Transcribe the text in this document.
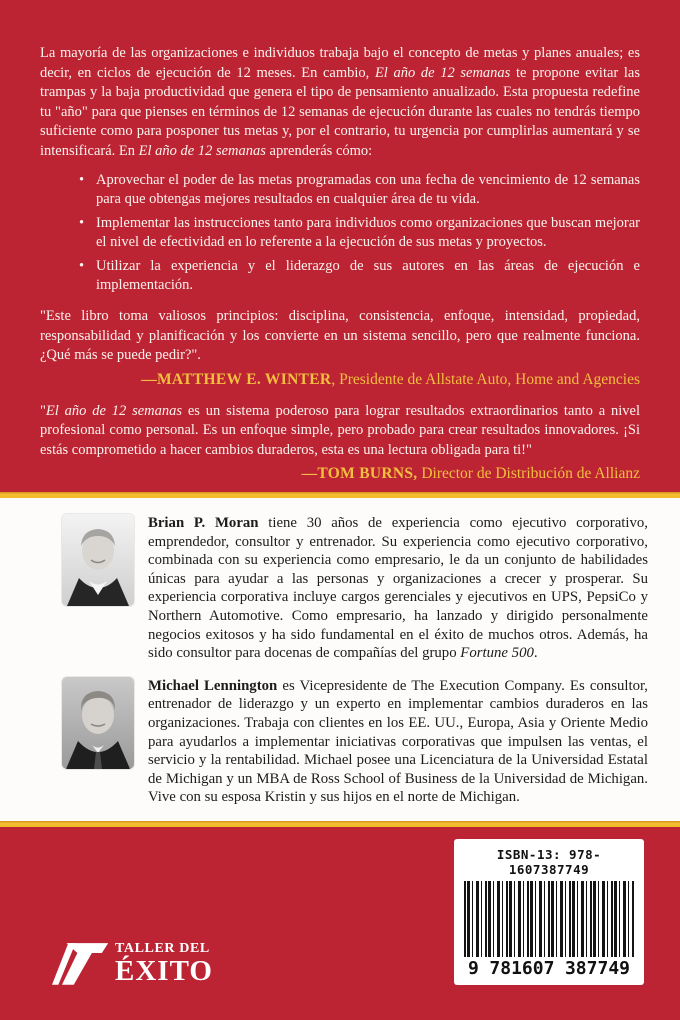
La mayoría de las organizaciones e individuos trabaja bajo el concepto de metas y planes anuales; es decir, en ciclos de ejecución de 12 meses. En cambio, El año de 12 semanas te propone evitar las trampas y la baja productividad que genera el tipo de pensamiento anualizado. Esta propuesta redefine tu "año" para que pienses en términos de 12 semanas de ejecución durante las cuales no tendrás tiempo suficiente como para posponer tus metas y, por el contrario, tu urgencia por cumplirlas aumentará y se intensificará. En El año de 12 semanas aprenderás cómo:

• Aprovechar el poder de las metas programadas con una fecha de vencimiento de 12 semanas para que obtengas mejores resultados en cualquier área de tu vida.
• Implementar las instrucciones tanto para individuos como organizaciones que buscan mejorar el nivel de efectividad en lo referente a la ejecución de sus metas y proyectos.
• Utilizar la experiencia y el liderazgo de sus autores en las áreas de ejecución e implementación.

"Este libro toma valiosos principios: disciplina, consistencia, enfoque, intensidad, propiedad, responsabilidad y planificación y los convierte en un sistema sencillo, pero que realmente funciona. ¿Qué más se puede pedir?".

—MATTHEW E. WINTER, Presidente de Allstate Auto, Home and Agencies

"El año de 12 semanas es un sistema poderoso para lograr resultados extraordinarios tanto a nivel profesional como personal. Es un enfoque simple, pero probado para crear resultados innovadores. ¡Si estás comprometido a hacer cambios duraderos, esta es una lectura obligada para ti!"

—TOM BURNS, Director de Distribución de Allianz

Brian P. Moran tiene 30 años de experiencia como ejecutivo corporativo, emprendedor, consultor y entrenador. Su experiencia como ejecutivo corporativo, combinada con su experiencia como empresario, le da un conjunto de habilidades únicas para ayudar a las personas y organizaciones a crecer y prosperar. Su experiencia corporativa incluye cargos gerenciales y ejecutivos en UPS, PepsiCo y Northern Automotive. Como empresario, ha lanzado y dirigido personalmente negocios exitosos y ha sido fundamental en el éxito de muchos otros. Además, ha sido consultor para docenas de compañías del grupo Fortune 500.

Michael Lennington es Vicepresidente de The Execution Company. Es consultor, entrenador de liderazgo y un experto en implementar cambios duraderos en las organizaciones. Trabaja con clientes en los EE. UU., Europa, Asia y Oriente Medio para ayudarlos a implementar iniciativas corporativas que impulsen las ventas, el servicio y la rentabilidad. Michael posee una Licenciatura de la Universidad Estatal de Michigan y un MBA de Ross School of Business de la Universidad de Michigan. Vive con su esposa Kristin y sus hijos en el norte de Michigan.

TALLER DEL
ÉXITO
ISBN-13: 978-1607387749
9 781607 387749
